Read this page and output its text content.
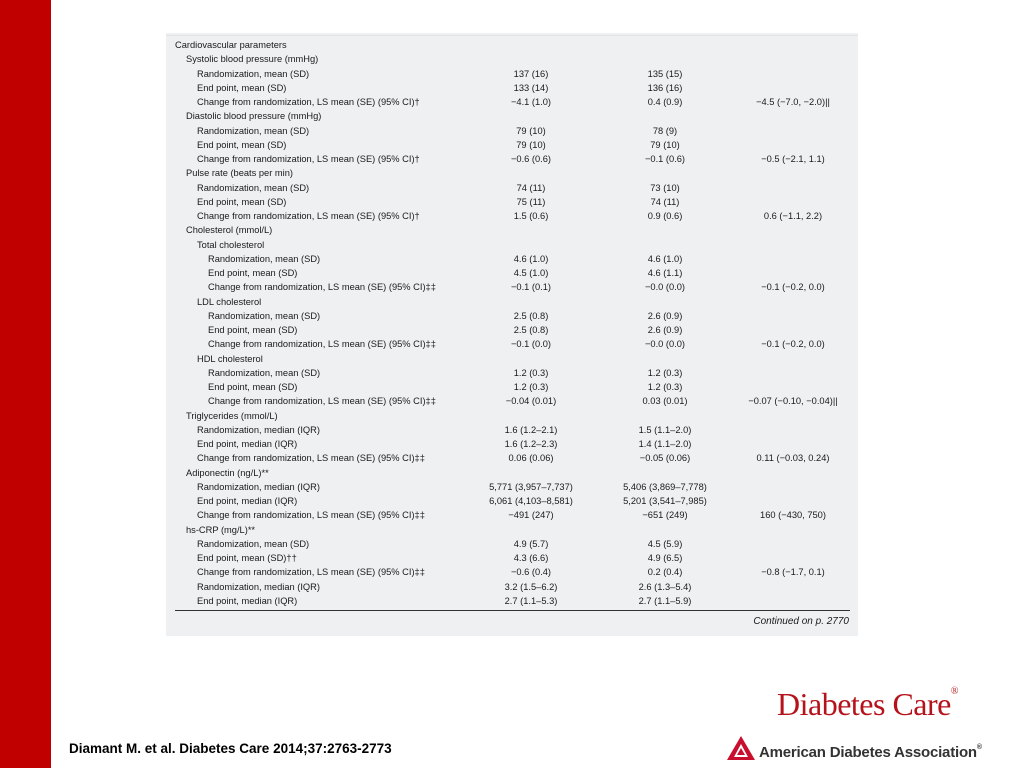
Cardiovascular parameters
Systolic blood pressure (mmHg)
Randomization, mean (SD)	137 (16)	135 (15)
End point, mean (SD)	133 (14)	136 (16)
Change from randomization, LS mean (SE) (95% CI)†	−4.1 (1.0)	0.4 (0.9)	−4.5 (−7.0, −2.0)||
Diastolic blood pressure (mmHg)
Randomization, mean (SD)	79 (10)	78 (9)
End point, mean (SD)	79 (10)	79 (10)
Change from randomization, LS mean (SE) (95% CI)†	−0.6 (0.6)	−0.1 (0.6)	−0.5 (−2.1, 1.1)
Pulse rate (beats per min)
Randomization, mean (SD)	74 (11)	73 (10)
End point, mean (SD)	75 (11)	74 (11)
Change from randomization, LS mean (SE) (95% CI)†	1.5 (0.6)	0.9 (0.6)	0.6 (−1.1, 2.2)
Cholesterol (mmol/L)
Total cholesterol
Randomization, mean (SD)	4.6 (1.0)	4.6 (1.0)
End point, mean (SD)	4.5 (1.0)	4.6 (1.1)
Change from randomization, LS mean (SE) (95% CI)‡‡	−0.1 (0.1)	−0.0 (0.0)	−0.1 (−0.2, 0.0)
LDL cholesterol
Randomization, mean (SD)	2.5 (0.8)	2.6 (0.9)
End point, mean (SD)	2.5 (0.8)	2.6 (0.9)
Change from randomization, LS mean (SE) (95% CI)‡‡	−0.1 (0.0)	−0.0 (0.0)	−0.1 (−0.2, 0.0)
HDL cholesterol
Randomization, mean (SD)	1.2 (0.3)	1.2 (0.3)
End point, mean (SD)	1.2 (0.3)	1.2 (0.3)
Change from randomization, LS mean (SE) (95% CI)‡‡	−0.04 (0.01)	0.03 (0.01)	−0.07 (−0.10, −0.04)||
Triglycerides (mmol/L)
Randomization, median (IQR)	1.6 (1.2–2.1)	1.5 (1.1–2.0)
End point, median (IQR)	1.6 (1.2–2.3)	1.4 (1.1–2.0)
Change from randomization, LS mean (SE) (95% CI)‡‡	0.06 (0.06)	−0.05 (0.06)	0.11 (−0.03, 0.24)
Adiponectin (ng/L)**
Randomization, median (IQR)	5,771 (3,957–7,737)	5,406 (3,869–7,778)
End point, median (IQR)	6,061 (4,103–8,581)	5,201 (3,541–7,985)
Change from randomization, LS mean (SE) (95% CI)‡‡	−491 (247)	−651 (249)	160 (−430, 750)
hs-CRP (mg/L)**
Randomization, mean (SD)	4.9 (5.7)	4.5 (5.9)
End point, mean (SD)††	4.3 (6.6)	4.9 (6.5)
Change from randomization, LS mean (SE) (95% CI)‡‡	−0.6 (0.4)	0.2 (0.4)	−0.8 (−1.7, 0.1)
Randomization, median (IQR)	3.2 (1.5–6.2)	2.6 (1.3–5.4)
End point, median (IQR)	2.7 (1.1–5.3)	2.7 (1.1–5.9)
Continued on p. 2770
Diamant M. et al. Diabetes Care 2014;37:2763-2773
Diabetes Care®
American Diabetes Association®
